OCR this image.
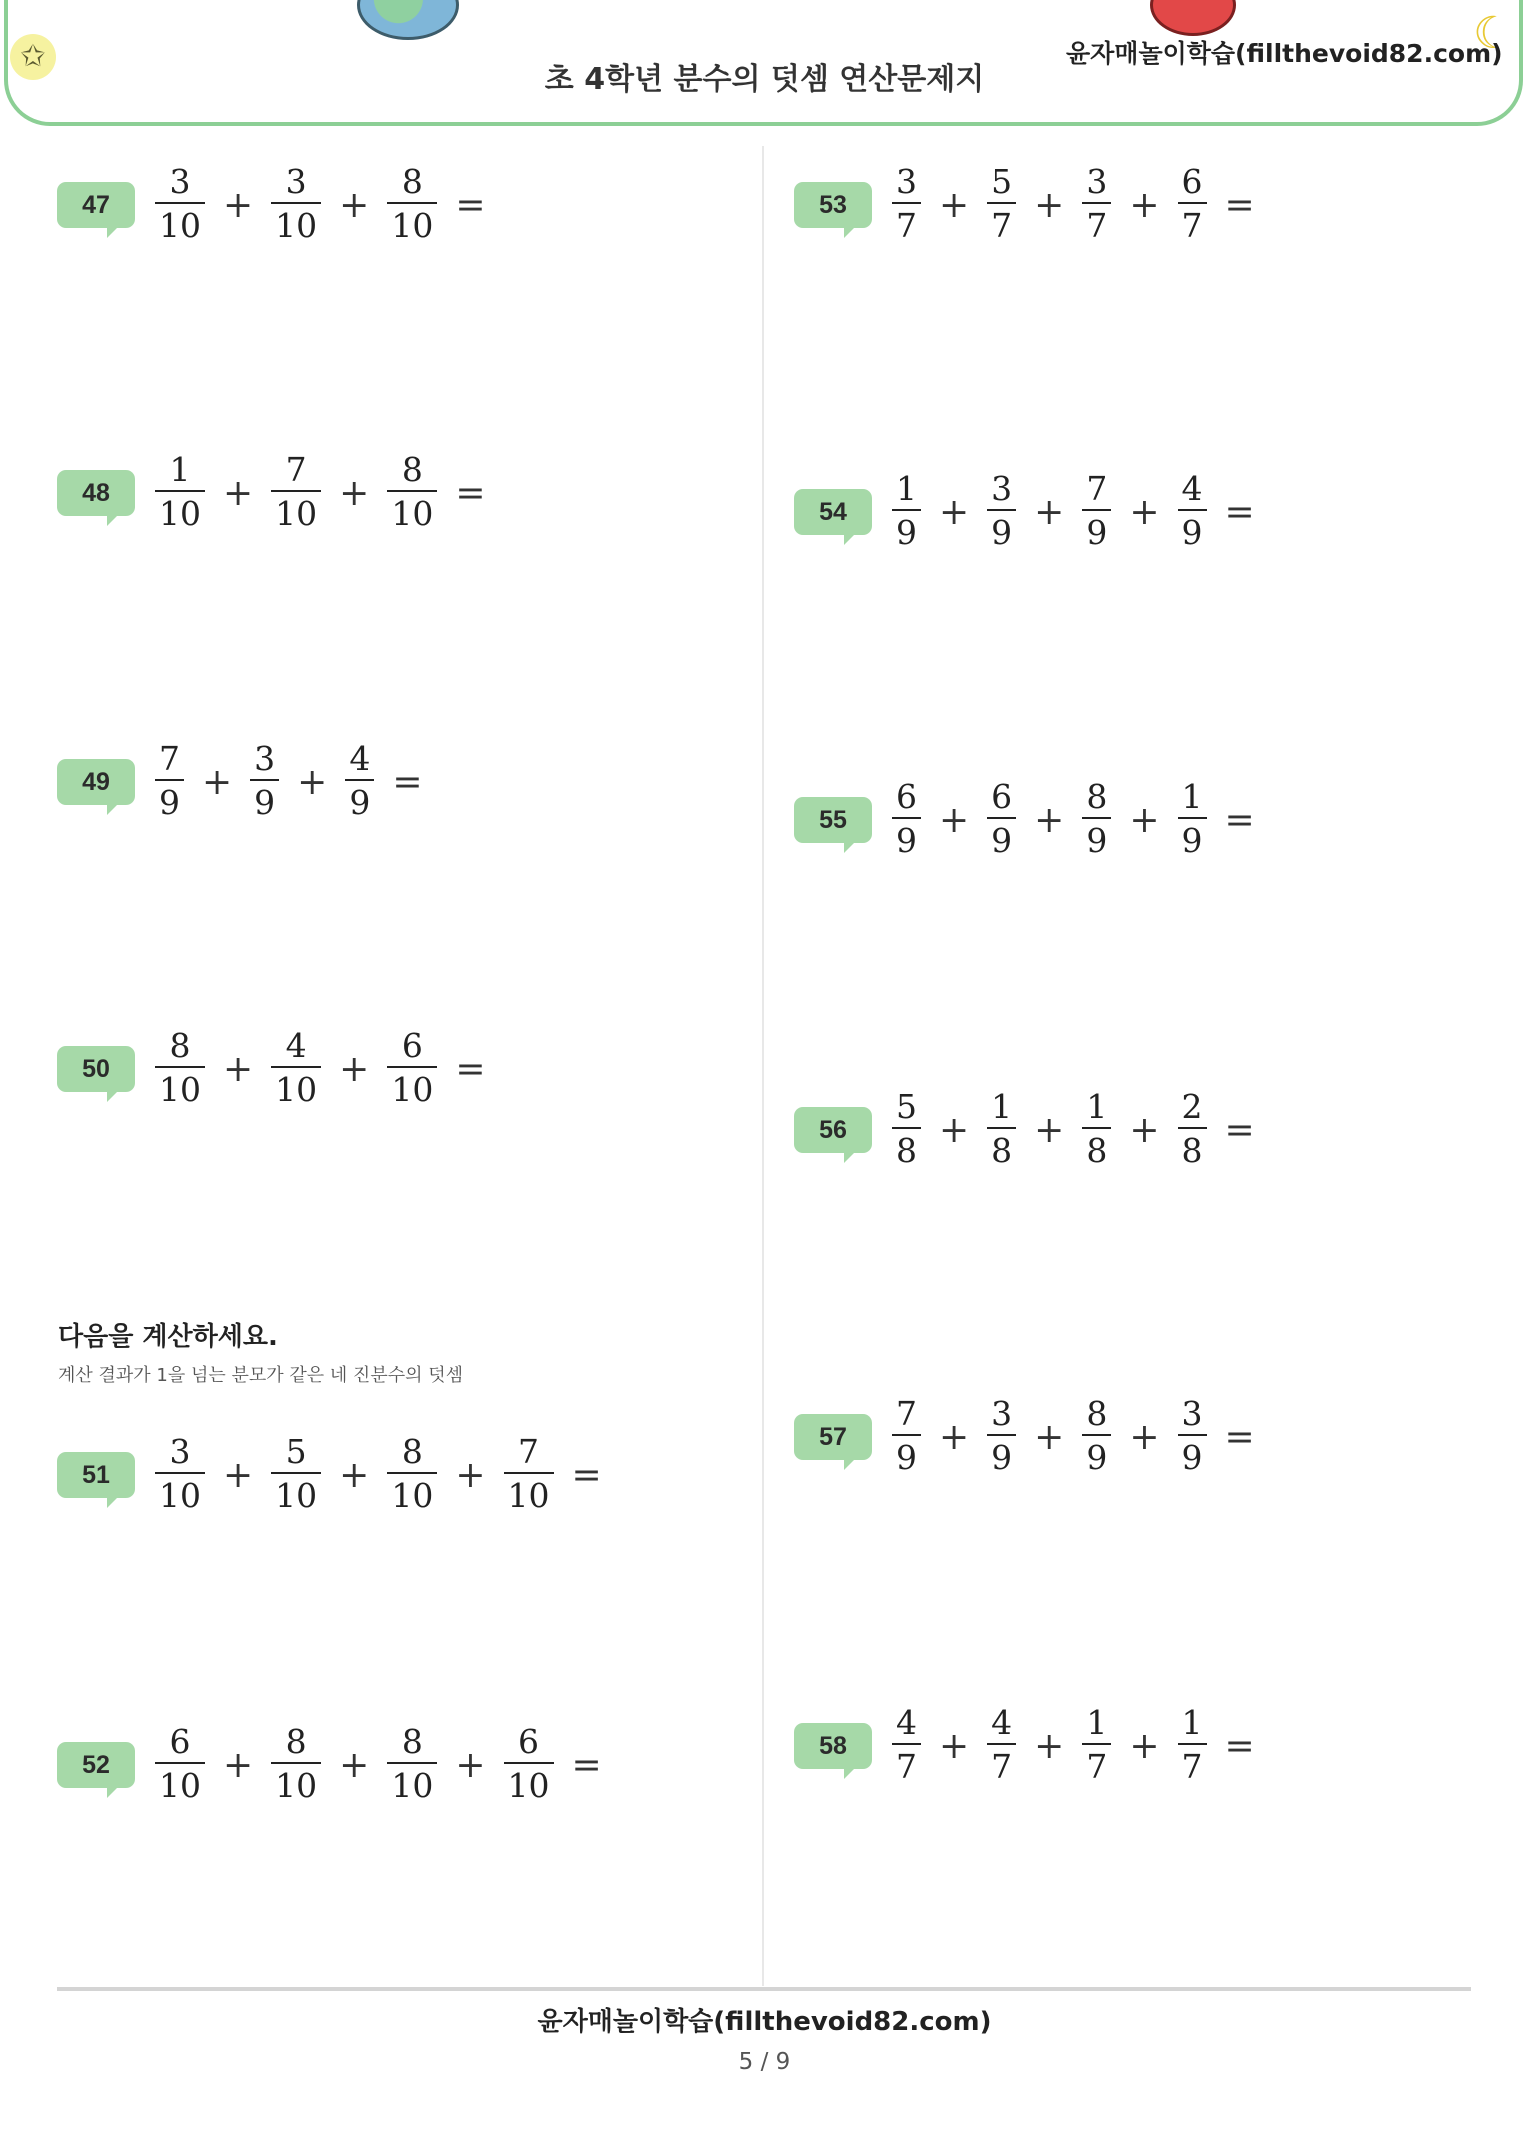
✩	☾
초 4학년 분수의 덧셈 연산문제지
윤자매놀이학습(fillthevoid82.com)
다음을 계산하세요.
계산 결과가 1을 넘는 분모가 같은 네 진분수의 덧셈
47	$\frac{3}{10} + \frac{3}{10} + \frac{8}{10}$ =
48	$\frac{1}{10} + \frac{7}{10} + \frac{8}{10}$ =
49	$\frac{7}{9} + \frac{3}{9} + \frac{4}{9}$ =
50	$\frac{8}{10} + \frac{4}{10} + \frac{6}{10}$ =
51	$\frac{3}{10} + \frac{5}{10} + \frac{8}{10} + \frac{7}{10}$ =
52	$\frac{6}{10} + \frac{8}{10} + \frac{8}{10} + \frac{6}{10}$ =
53	$\frac{3}{7} + \frac{5}{7} + \frac{3}{7} + \frac{6}{7}$ =
54	$\frac{1}{9} + \frac{3}{9} + \frac{7}{9} + \frac{4}{9}$ =
55	$\frac{6}{9} + \frac{6}{9} + \frac{8}{9} + \frac{1}{9}$ =
56	$\frac{5}{8} + \frac{1}{8} + \frac{1}{8} + \frac{2}{8}$ =
57	$\frac{7}{9} + \frac{3}{9} + \frac{8}{9} + \frac{3}{9}$ =
58	$\frac{4}{7} + \frac{4}{7} + \frac{1}{7} + \frac{1}{7}$ =
윤자매놀이학습(fillthevoid82.com)
5 / 9
